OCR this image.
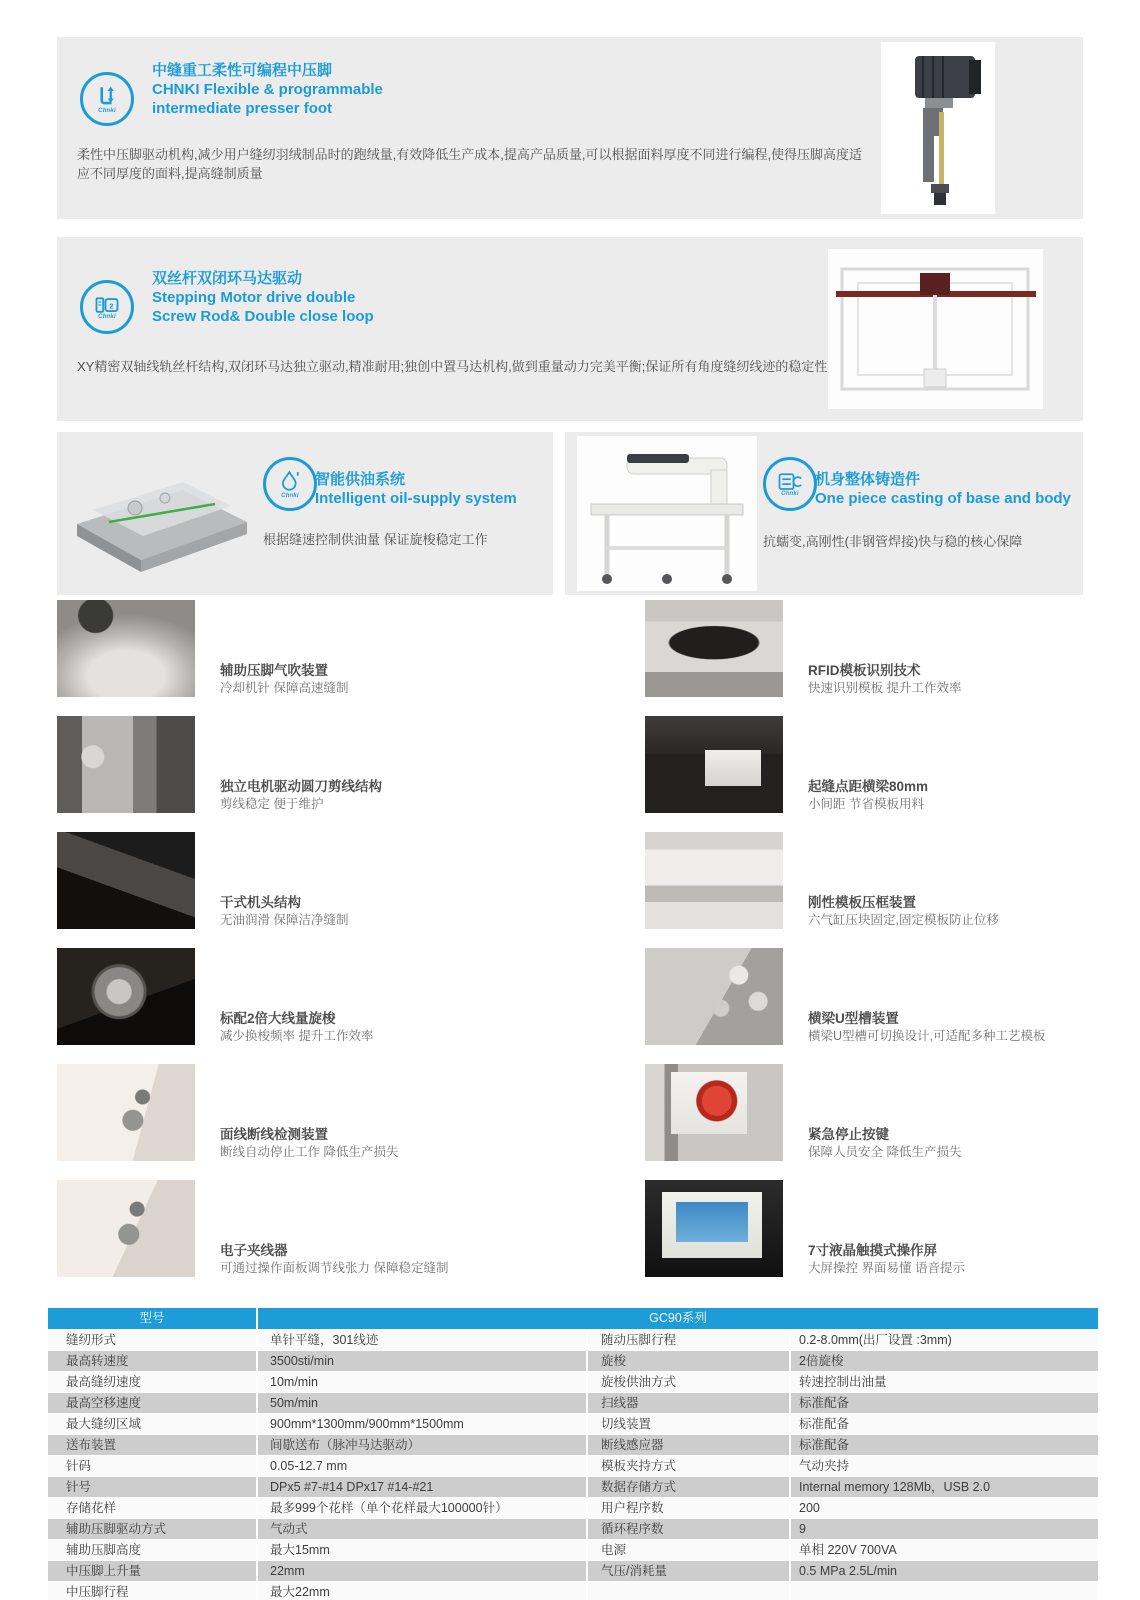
Chnki
中缝重工柔性可编程中压脚
CHNKI Flexible & programmable
intermediate presser foot

柔性中压脚驱动机构,减少用户缝纫羽绒制品时的跑绒量,有效降低生产成本,提高产品质量,可以根据面料厚度不同进行编程,使得压脚高度适应不同厚度的面料,提高缝制质量

2
Chnki
双丝杆双闭环马达驱动
Stepping Motor drive double
Screw Rod& Double close loop

XY精密双轴线轨丝杆结构,双闭环马达独立驱动,精准耐用;独创中置马达机构,做到重量动力完美平衡;保证所有角度缝纫线迹的稳定性

Chnki
智能供油系统
Intelligent oil-supply system

根据缝速控制供油量 保证旋梭稳定工作

Chnki
机身整体铸造件
One piece casting of base and body

抗蠕变,高刚性(非钢管焊接)快与稳的核心保障

辅助压脚气吹装置
冷却机针 保障高速缝制
独立电机驱动圆刀剪线结构
剪线稳定 便于维护
干式机头结构
无油润滑 保障洁净缝制
标配2倍大线量旋梭
减少换梭频率 提升工作效率
面线断线检测装置
断线自动停止工作 降低生产损失
电子夹线器
可通过操作面板调节线张力 保障稳定缝制
RFID模板识别技术
快速识别模板 提升工作效率
起缝点距横梁80mm
小间距 节省模板用料
刚性模板压框装置
六气缸压块固定,固定模板防止位移
横梁U型槽装置
横梁U型槽可切换设计,可适配多种工艺模板
紧急停止按键
保障人员安全 降低生产损失
7寸液晶触摸式操作屏
大屏操控 界面易懂 语音提示
型号	GC90系列
缝纫形式	单针平缝，301线迹	随动压脚行程	0.2-8.0mm(出厂设置 :3mm)
最高转速度	3500sti/min	旋梭	2倍旋梭
最高缝纫速度	10m/min	旋梭供油方式	转速控制出油量
最高空移速度	50m/min	扫线器	标准配备
最大缝纫区域	900mm*1300mm/900mm*1500mm	切线装置	标准配备
送布装置	间歇送布（脉冲马达驱动）	断线感应器	标准配备
针码	0.05-12.7 mm	模板夹持方式	气动夹持
针号	DPx5 #7-#14 DPx17 #14-#21	数据存储方式	Internal memory 128Mb，USB 2.0
存储花样	最多999个花样（单个花样最大100000针）	用户程序数	200
辅助压脚驱动方式	气动式	循环程序数	9
辅助压脚高度	最大15mm	电源	单相 220V 700VA
中压脚上升量	22mm	气压/消耗量	0.5 MPa 2.5L/min
中压脚行程	最大22mm
